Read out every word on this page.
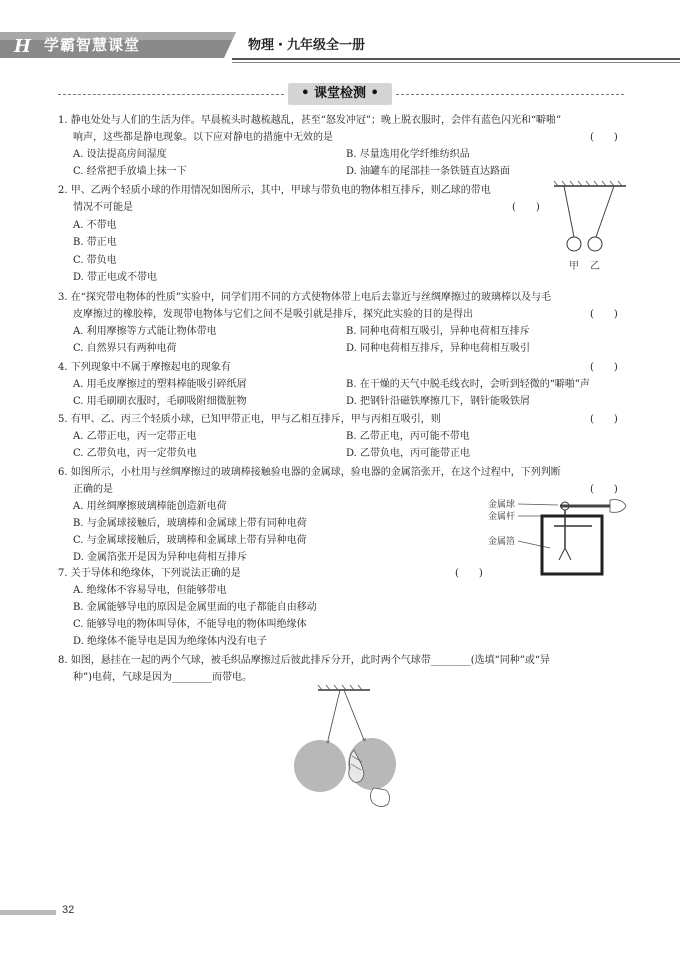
H 学霸智慧课堂	物理・九年级全一册
• 课堂检测 •
1. 静电处处与人们的生活为伴。早晨梳头时越梳越乱，甚至“怒发冲冠”；晚上脱衣服时，会伴有蓝色闪光和“噼啪”
响声，这些都是静电现象。以下应对静电的措施中无效的是	(　　)
A. 设法提高房间湿度	B. 尽量选用化学纤维纺织品
C. 经常把手放墙上抹一下	D. 油罐车的尾部挂一条铁链直达路面
2. 甲、乙两个轻质小球的作用情况如图所示，其中，甲球与带负电的物体相互排斥，则乙球的带电
情况不可能是	(　　)
A. 不带电
B. 带正电
C. 带负电
D. 带正电或不带电
甲 乙
3. 在“探究带电物体的性质”实验中，同学们用不同的方式使物体带上电后去靠近与丝绸摩擦过的玻璃棒以及与毛
皮摩擦过的橡胶棒，发现带电物体与它们之间不是吸引就是排斥，探究此实验的目的是得出	(　　)
A. 利用摩擦等方式能让物体带电	B. 同种电荷相互吸引，异种电荷相互排斥
C. 自然界只有两种电荷	D. 同种电荷相互排斥，异种电荷相互吸引
4. 下列现象中不属于摩擦起电的现象有	(　　)
A. 用毛皮摩擦过的塑料棒能吸引碎纸屑	B. 在干燥的天气中脱毛线衣时，会听到轻微的“噼啪”声
C. 用毛刷刷衣服时，毛刷吸附细微脏物	D. 把钢针沿磁铁摩擦几下，钢针能吸铁屑
5. 有甲、乙、丙三个轻质小球，已知甲带正电，甲与乙相互排斥，甲与丙相互吸引，则	(　　)
A. 乙带正电，丙一定带正电	B. 乙带正电，丙可能不带电
C. 乙带负电，丙一定带负电	D. 乙带负电，丙可能带正电
6. 如图所示，小杜用与丝绸摩擦过的玻璃棒接触验电器的金属球，验电器的金属箔张开，在这个过程中，下列判断
正确的是	(　　)
A. 用丝绸摩擦玻璃棒能创造新电荷
B. 与金属球接触后，玻璃棒和金属球上带有同种电荷
C. 与金属球接触后，玻璃棒和金属球上带有异种电荷
D. 金属箔张开是因为异种电荷相互排斥
金属球
金属杆
金属箔
7. 关于导体和绝缘体，下列说法正确的是	(　　)
A. 绝缘体不容易导电，但能够带电
B. 金属能够导电的原因是金属里面的电子都能自由移动
C. 能够导电的物体叫导体，不能导电的物体叫绝缘体
D. 绝缘体不能导电是因为绝缘体内没有电子
8. 如图，悬挂在一起的两个气球，被毛织品摩擦过后彼此排斥分开，此时两个气球带________(选填“同种”或“异
种”)电荷，气球是因为________而带电。
32
